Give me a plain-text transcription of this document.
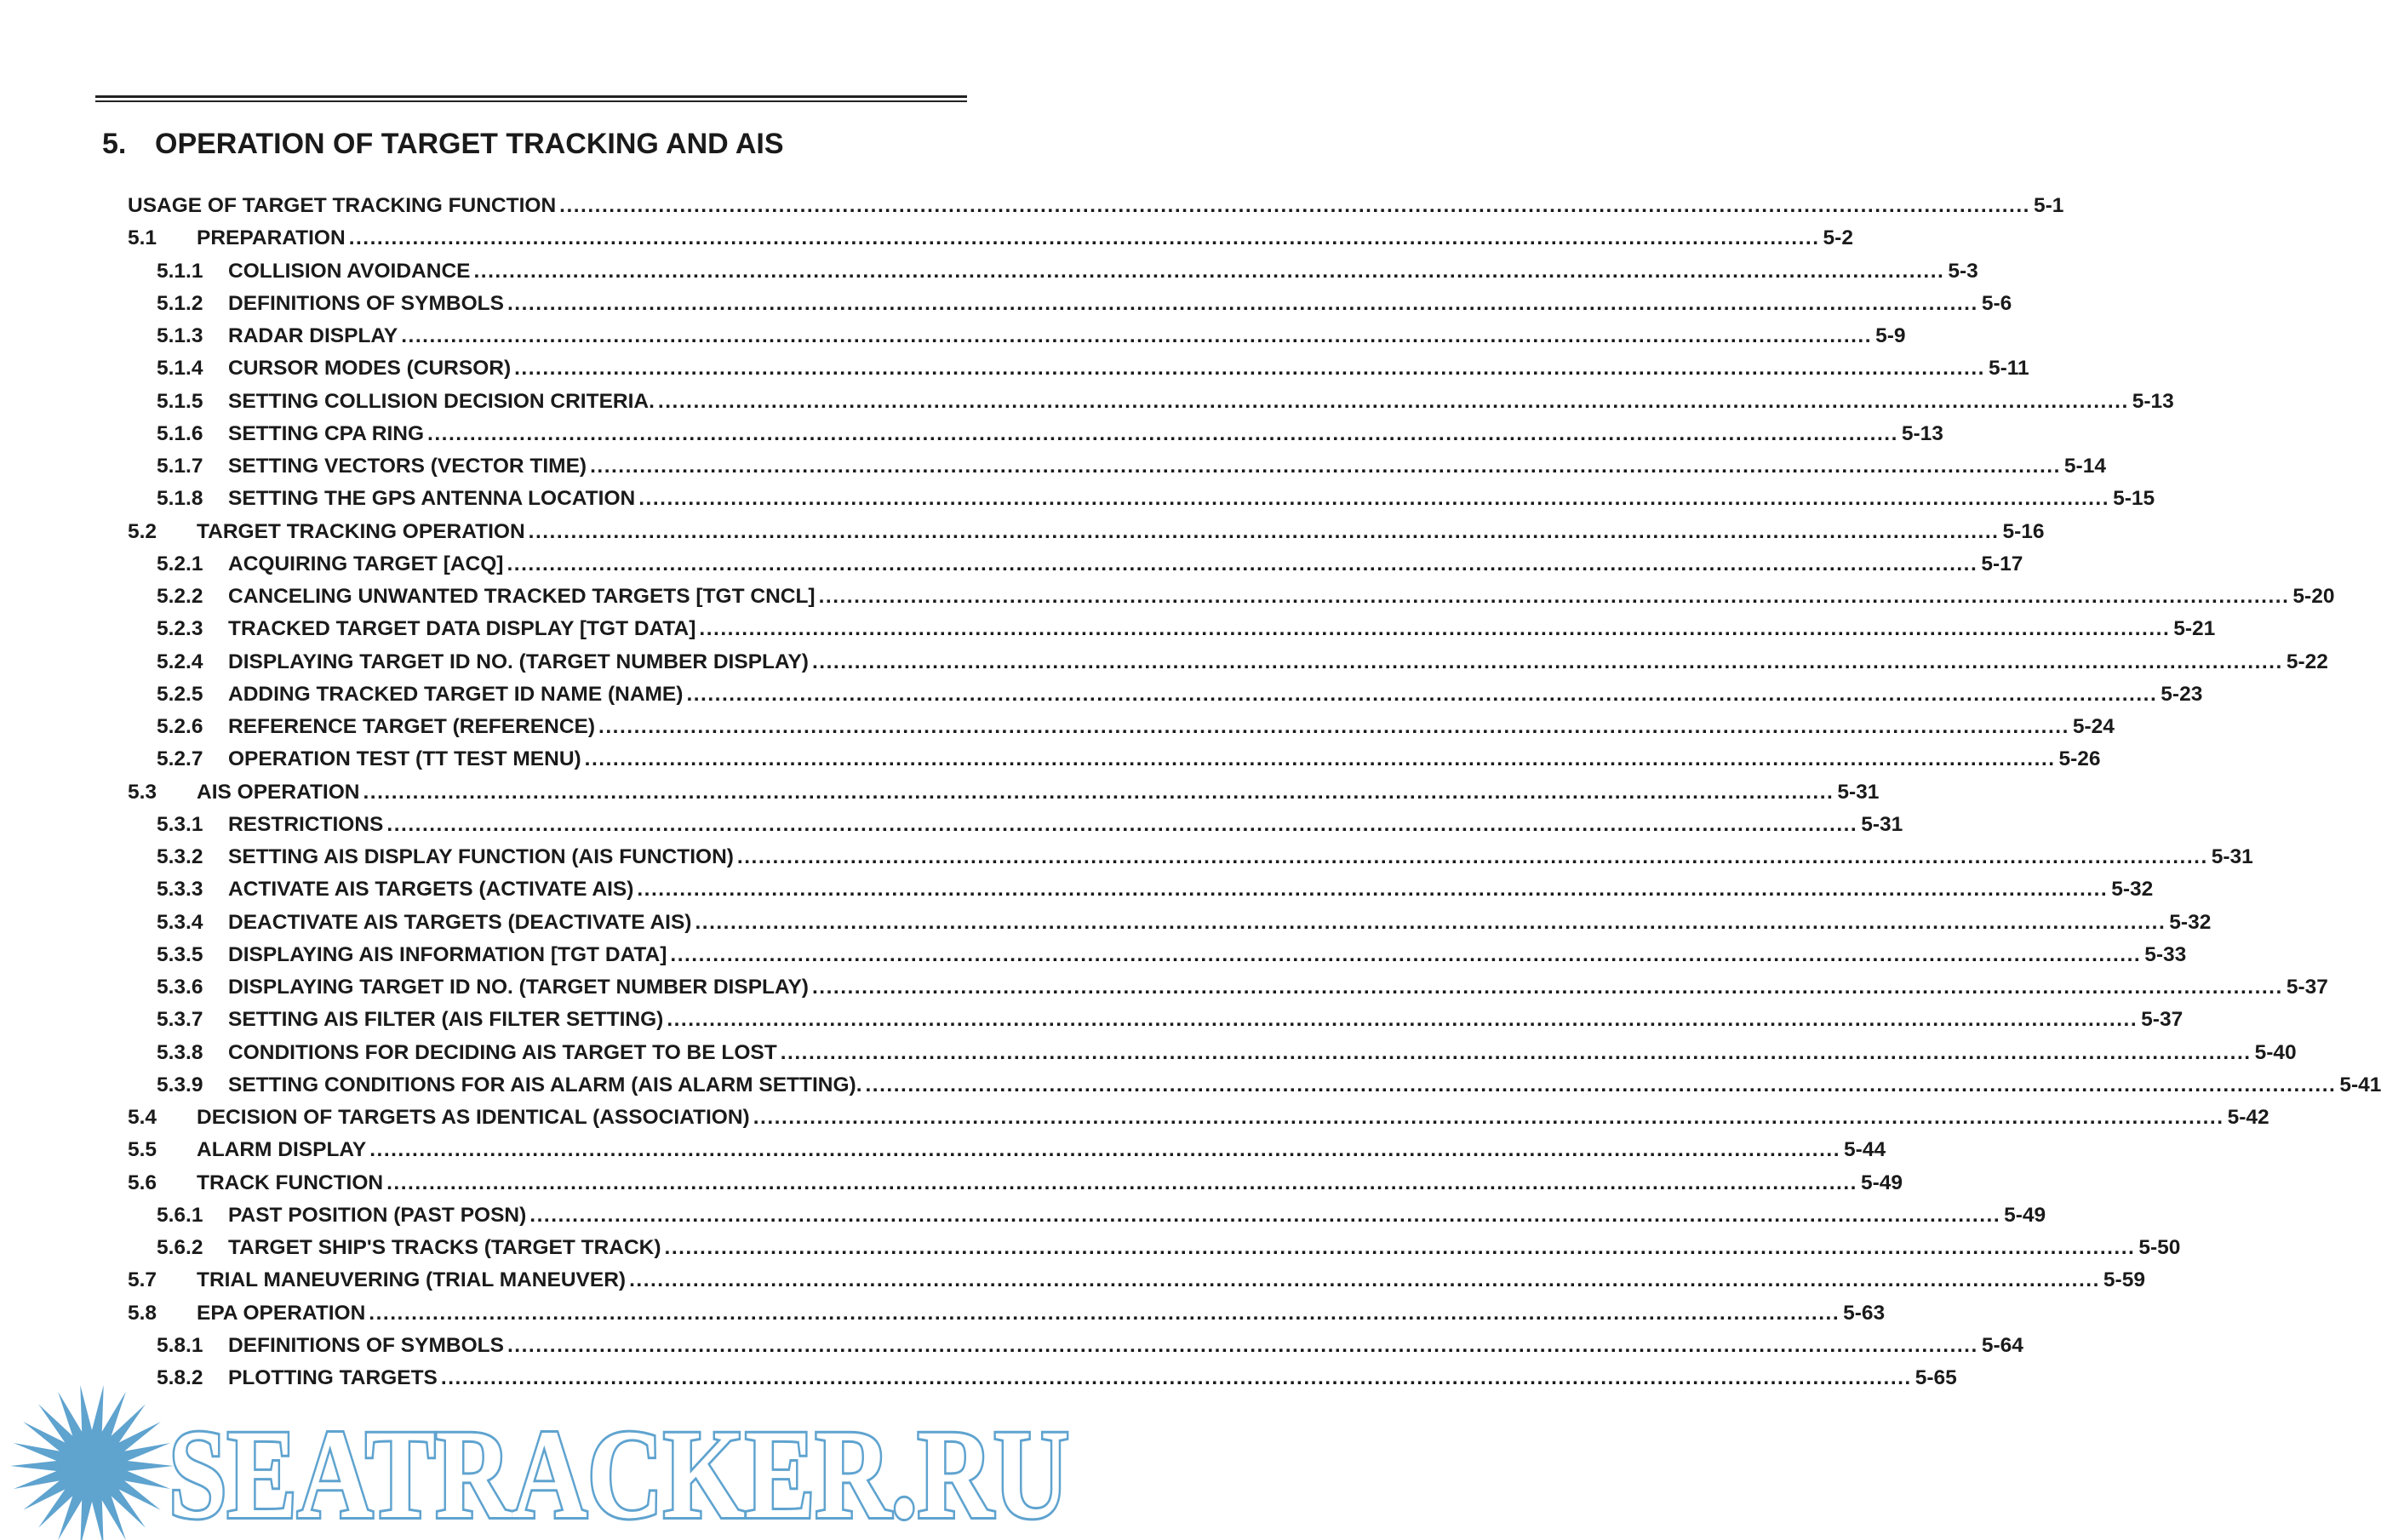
5. OPERATION OF TARGET TRACKING AND AIS
USAGE OF TARGET TRACKING FUNCTION .....	5-1
5.1	PREPARATION .....	5-2
5.1.1	COLLISION AVOIDANCE .....	5-3
5.1.2	DEFINITIONS OF SYMBOLS .....	5-6
5.1.3	RADAR DISPLAY .....	5-9
5.1.4	CURSOR MODES (CURSOR) .....	5-11
5.1.5	SETTING COLLISION DECISION CRITERIA. .....	5-13
5.1.6	SETTING CPA RING .....	5-13
5.1.7	SETTING VECTORS (VECTOR TIME) .....	5-14
5.1.8	SETTING THE GPS ANTENNA LOCATION .....	5-15
5.2	TARGET TRACKING OPERATION .....	5-16
5.2.1	ACQUIRING TARGET [ACQ] .....	5-17
5.2.2	CANCELING UNWANTED TRACKED TARGETS [TGT CNCL] .....	5-20
5.2.3	TRACKED TARGET DATA DISPLAY [TGT DATA] .....	5-21
5.2.4	DISPLAYING TARGET ID NO. (TARGET NUMBER DISPLAY) .....	5-22
5.2.5	ADDING TRACKED TARGET ID NAME (NAME) .....	5-23
5.2.6	REFERENCE TARGET (REFERENCE) .....	5-24
5.2.7	OPERATION TEST (TT TEST MENU) .....	5-26
5.3	AIS OPERATION .....	5-31
5.3.1	RESTRICTIONS .....	5-31
5.3.2	SETTING AIS DISPLAY FUNCTION (AIS FUNCTION) .....	5-31
5.3.3	ACTIVATE AIS TARGETS (ACTIVATE AIS) .....	5-32
5.3.4	DEACTIVATE AIS TARGETS (DEACTIVATE AIS) .....	5-32
5.3.5	DISPLAYING AIS INFORMATION [TGT DATA] .....	5-33
5.3.6	DISPLAYING TARGET ID NO. (TARGET NUMBER DISPLAY) .....	5-37
5.3.7	SETTING AIS FILTER (AIS FILTER SETTING) .....	5-37
5.3.8	CONDITIONS FOR DECIDING AIS TARGET TO BE LOST .....	5-40
5.3.9	SETTING CONDITIONS FOR AIS ALARM (AIS ALARM SETTING). .....	5-41
5.4	DECISION OF TARGETS AS IDENTICAL (ASSOCIATION) .....	5-42
5.5	ALARM DISPLAY .....	5-44
5.6	TRACK FUNCTION .....	5-49
5.6.1	PAST POSITION (PAST POSN) .....	5-49
5.6.2	TARGET SHIP'S TRACKS (TARGET TRACK) .....	5-50
5.7	TRIAL MANEUVERING (TRIAL MANEUVER) .....	5-59
5.8	EPA OPERATION .....	5-63
5.8.1	DEFINITIONS OF SYMBOLS .....	5-64
5.8.2	PLOTTING TARGETS .....	5-65
SEATRACKER.RU
